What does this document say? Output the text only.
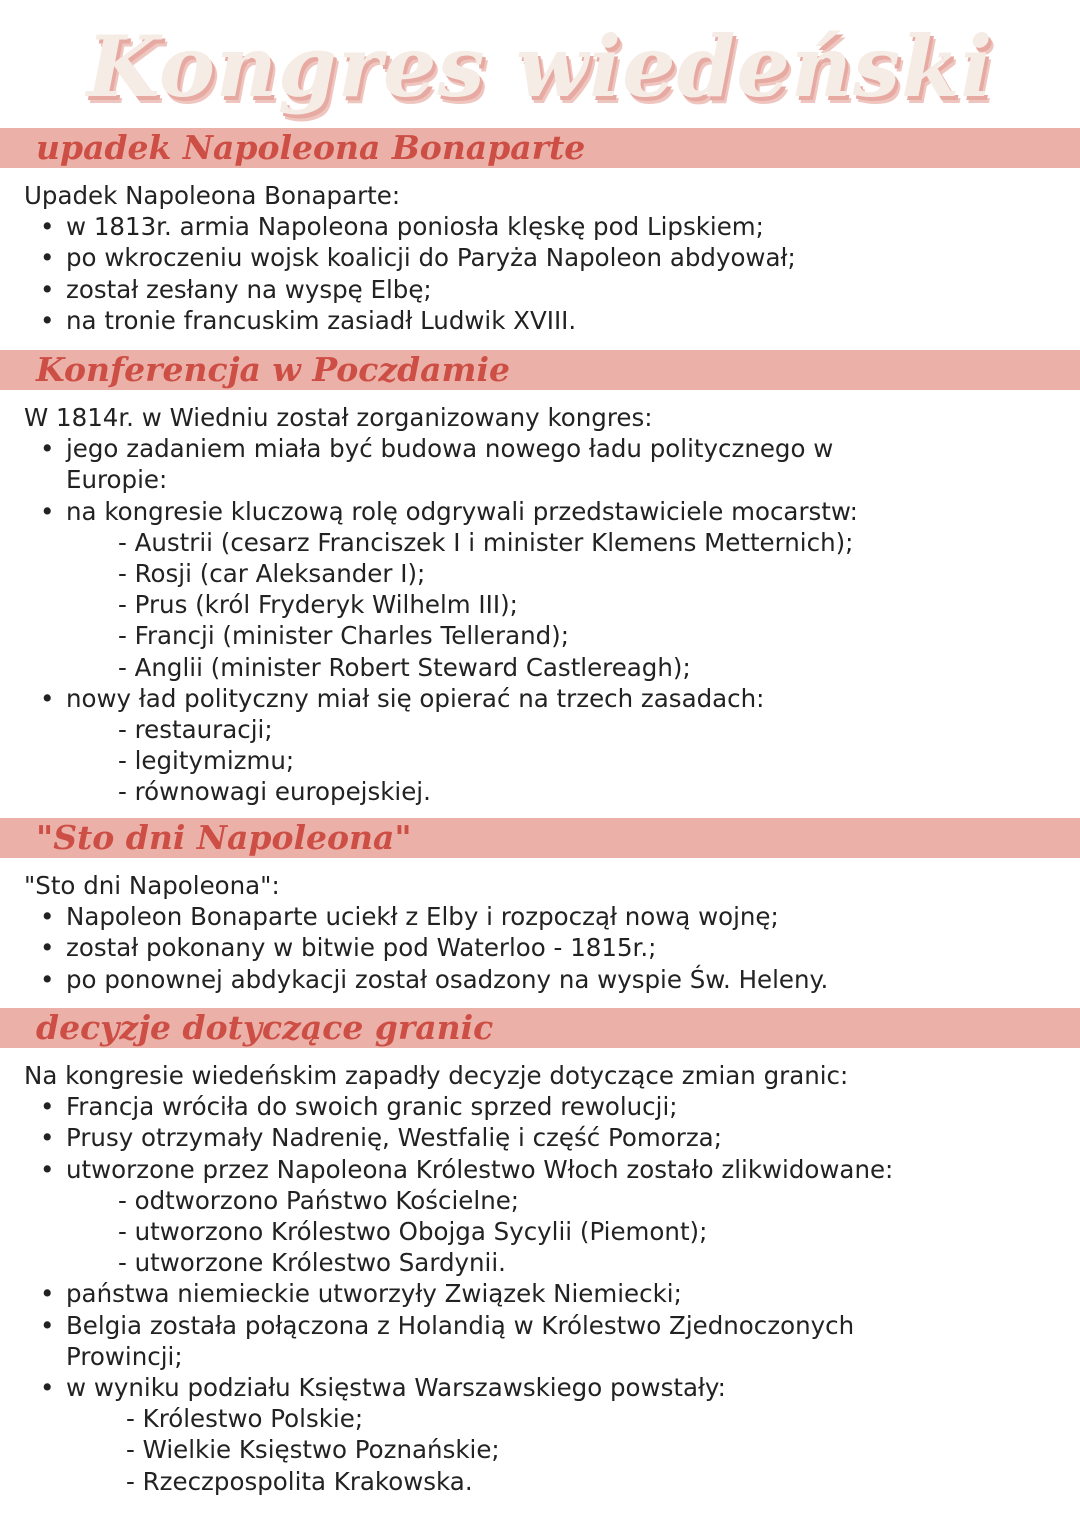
Kongres wiedeński
upadek Napoleona Bonaparte

Upadek Napoleona Bonaparte:

• w 1813r. armia Napoleona poniosła klęskę pod Lipskiem;
• po wkroczeniu wojsk koalicji do Paryża Napoleon abdyował;
• został zesłany na wyspę Elbę;
• na tronie francuskim zasiadł Ludwik XVIII.
Konferencja w Poczdamie

W 1814r. w Wiedniu został zorganizowany kongres:

• jego zadaniem miała być budowa nowego ładu politycznego w Europie:
• na kongresie kluczową rolę odgrywali przedstawiciele mocarstw:
- Austrii (cesarz Franciszek I i minister Klemens Metternich);
- Rosji (car Aleksander I);
- Prus (król Fryderyk Wilhelm III);
- Francji (minister Charles Tellerand);
- Anglii (minister Robert Steward Castlereagh);
• nowy ład polityczny miał się opierać na trzech zasadach:
- restauracji;
- legitymizmu;
- równowagi europejskiej.
"Sto dni Napoleona"

"Sto dni Napoleona":

• Napoleon Bonaparte uciekł z Elby i rozpoczął nową wojnę;
• został pokonany w bitwie pod Waterloo - 1815r.;
• po ponownej abdykacji został osadzony na wyspie Św. Heleny.
decyzje dotyczące granic

Na kongresie wiedeńskim zapadły decyzje dotyczące zmian granic:

• Francja wróciła do swoich granic sprzed rewolucji;
• Prusy otrzymały Nadrenię, Westfalię i część Pomorza;
• utworzone przez Napoleona Królestwo Włoch zostało zlikwidowane:
- odtworzono Państwo Kościelne;
- utworzono Królestwo Obojga Sycylii (Piemont);
- utworzone Królestwo Sardynii.
• państwa niemieckie utworzyły Związek Niemiecki;
• Belgia została połączona z Holandią w Królestwo Zjednoczonych Prowincji;
• w wyniku podziału Księstwa Warszawskiego powstały:
- Królestwo Polskie;
- Wielkie Księstwo Poznańskie;
- Rzeczpospolita Krakowska.
